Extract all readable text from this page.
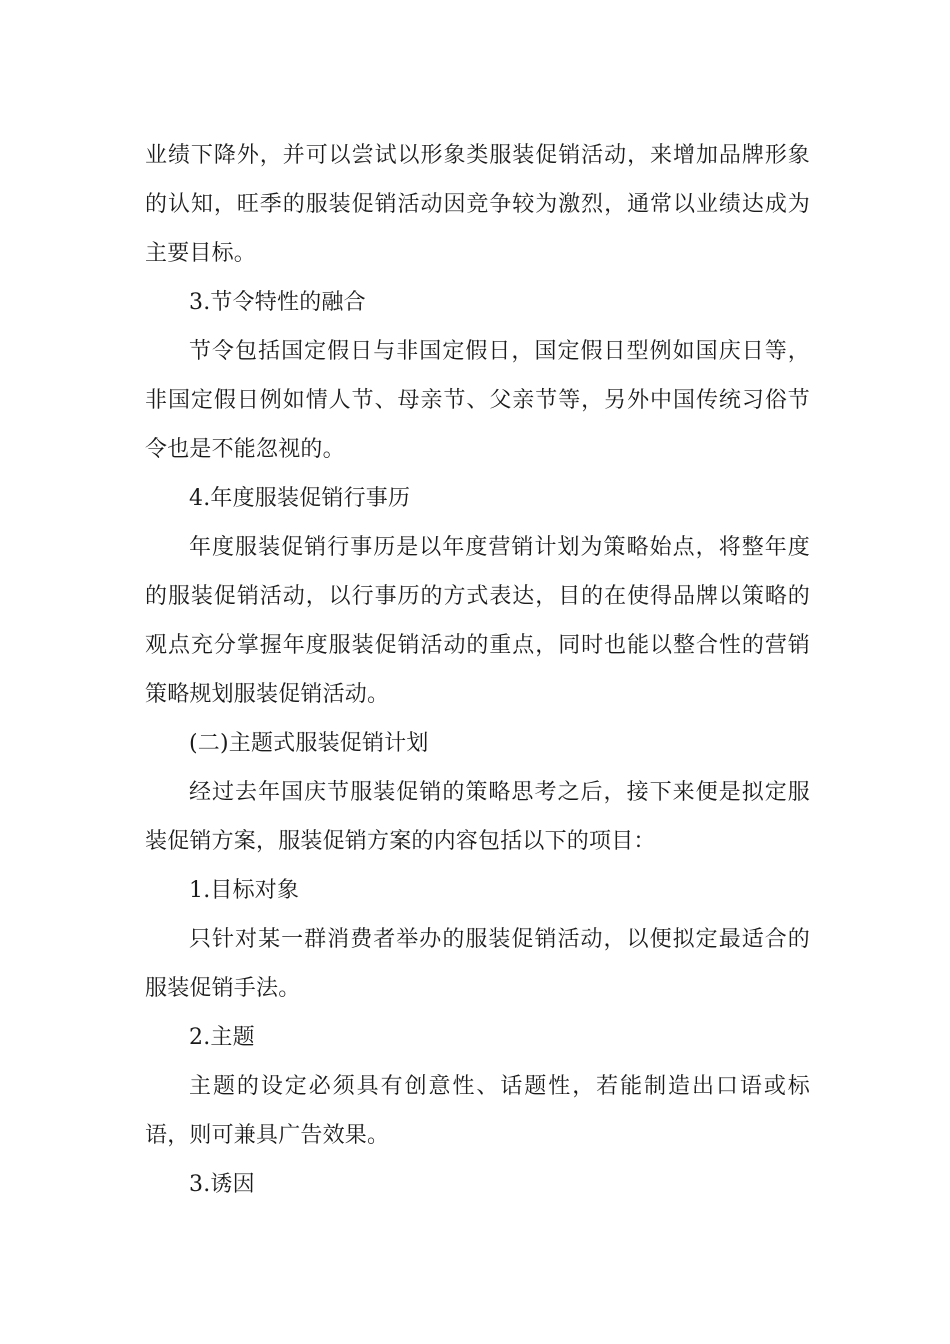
业绩下降外，并可以尝试以形象类服装促销活动，来增加品牌形象的认知，旺季的服装促销活动因竞争较为激烈，通常以业绩达成为主要目标。

3.节令特性的融合

节令包括国定假日与非国定假日，国定假日型例如国庆日等，非国定假日例如情人节、母亲节、父亲节等，另外中国传统习俗节令也是不能忽视的。

4.年度服装促销行事历

年度服装促销行事历是以年度营销计划为策略始点，将整年度的服装促销活动，以行事历的方式表达，目的在使得品牌以策略的观点充分掌握年度服装促销活动的重点，同时也能以整合性的营销策略规划服装促销活动。

(二)主题式服装促销计划

经过去年国庆节服装促销的策略思考之后，接下来便是拟定服装促销方案，服装促销方案的内容包括以下的项目：

1.目标对象

只针对某一群消费者举办的服装促销活动，以便拟定最适合的服装促销手法。

2.主题

主题的设定必须具有创意性、话题性，若能制造出口语或标语，则可兼具广告效果。

3.诱因
